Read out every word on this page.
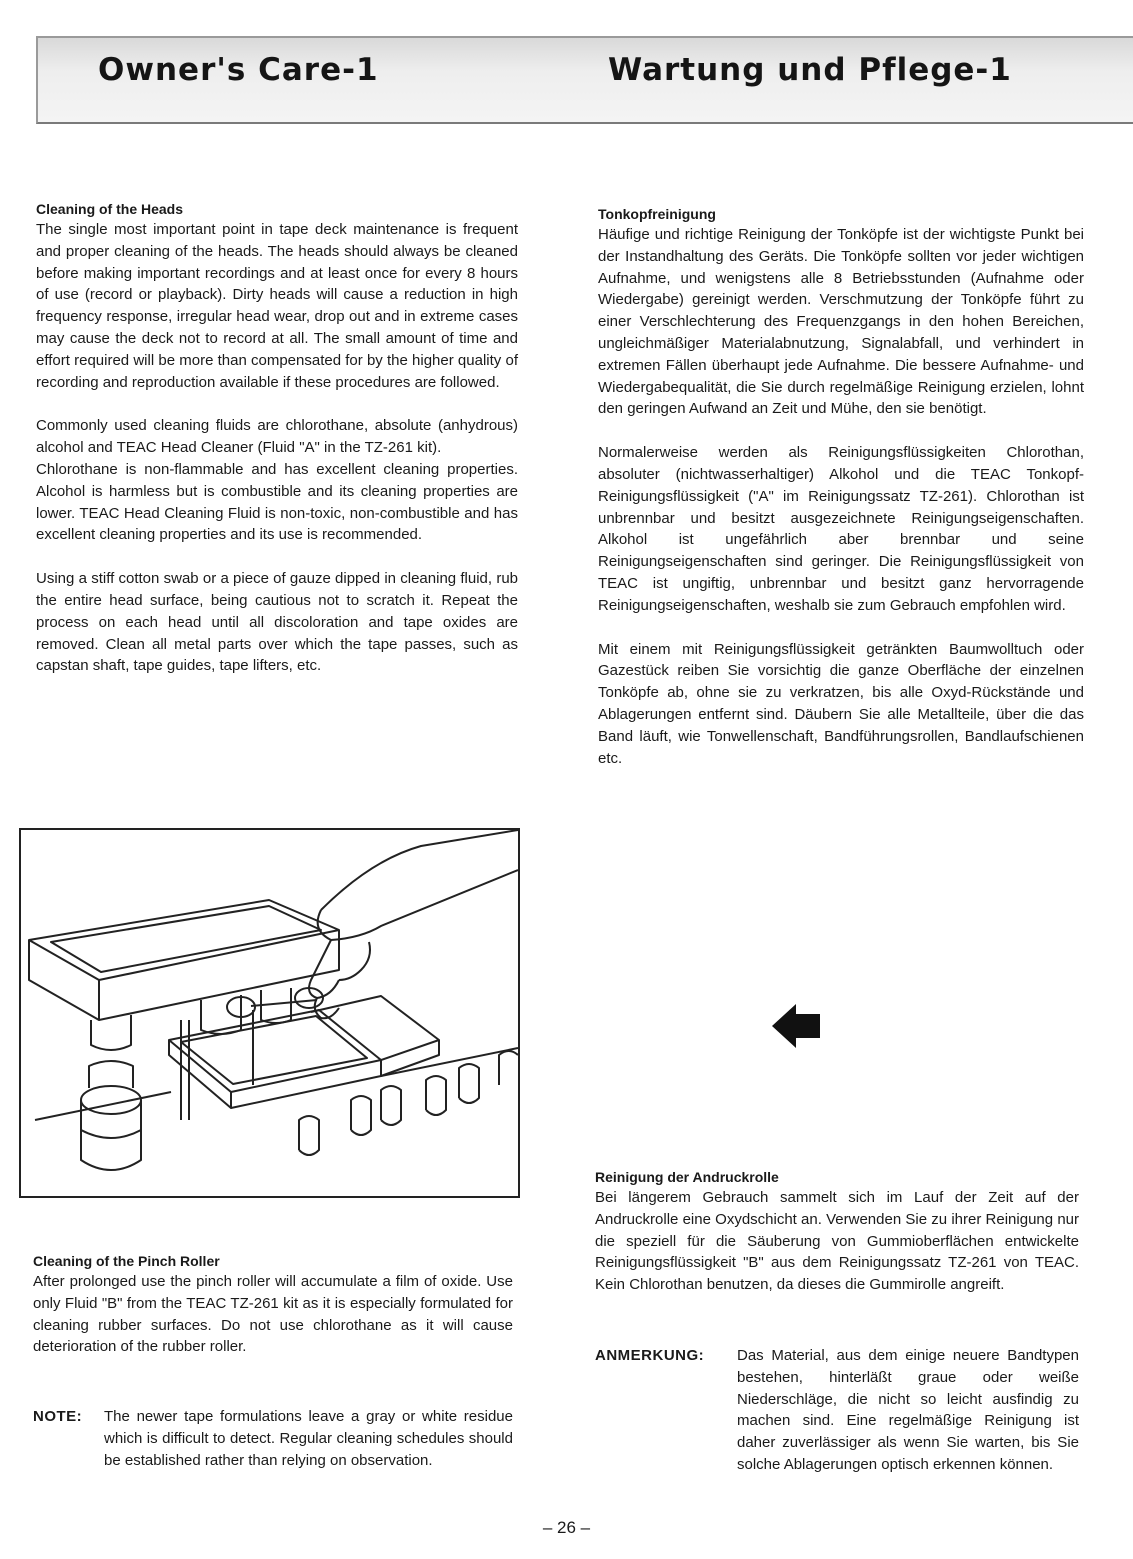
Owner's Care-1	Wartung und Pflege-1
Cleaning of the Heads

The single most important point in tape deck maintenance is frequent and proper cleaning of the heads. The heads should always be cleaned before making important recordings and at least once for every 8 hours of use (record or playback). Dirty heads will cause a reduction in high frequency response, irregular head wear, drop out and in extreme cases may cause the deck not to record at all. The small amount of time and effort required will be more than compensated for by the higher quality of recording and reproduction available if these procedures are followed.

Commonly used cleaning fluids are chlorothane, absolute (anhydrous) alcohol and TEAC Head Cleaner (Fluid "A" in the TZ-261 kit).

Chlorothane is non-flammable and has excellent cleaning properties. Alcohol is harmless but is combustible and its cleaning properties are lower. TEAC Head Cleaning Fluid is non-toxic, non-combustible and has excellent cleaning properties and its use is recommended.

Using a stiff cotton swab or a piece of gauze dipped in cleaning fluid, rub the entire head surface, being cautious not to scratch it. Repeat the process on each head until all discoloration and tape oxides are removed. Clean all metal parts over which the tape passes, such as capstan shaft, tape guides, tape lifters, etc.

Tonkopfreinigung

Häufige und richtige Reinigung der Tonköpfe ist der wichtigste Punkt bei der Instandhaltung des Geräts. Die Tonköpfe sollten vor jeder wichtigen Aufnahme, und wenigstens alle 8 Betriebsstunden (Aufnahme oder Wiedergabe) gereinigt werden. Verschmutzung der Tonköpfe führt zu einer Verschlechterung des Frequenzgangs in den hohen Bereichen, ungleichmäßiger Materialabnutzung, Signalabfall, und verhindert in extremen Fällen überhaupt jede Aufnahme. Die bessere Aufnahme- und Wiedergabequalität, die Sie durch regelmäßige Reinigung erzielen, lohnt den geringen Aufwand an Zeit und Mühe, den sie benötigt.

Normalerweise werden als Reinigungsflüssigkeiten Chlorothan, absoluter (nichtwasserhaltiger) Alkohol und die TEAC Tonkopf-Reinigungsflüssigkeit ("A" im Reinigungssatz TZ-261). Chlorothan ist unbrennbar und besitzt ausgezeichnete Reinigungseigenschaften. Alkohol ist ungefährlich aber brennbar und seine Reinigungseigenschaften sind geringer. Die Reinigungsflüssigkeit von TEAC ist ungiftig, unbrennbar und besitzt ganz hervorragende Reinigungseigenschaften, weshalb sie zum Gebrauch empfohlen wird.

Mit einem mit Reinigungsflüssigkeit getränkten Baumwolltuch oder Gazestück reiben Sie vorsichtig die ganze Oberfläche der einzelnen Tonköpfe ab, ohne sie zu verkratzen, bis alle Oxyd-Rückstände und Ablagerungen entfernt sind. Däubern Sie alle Metallteile, über die das Band läuft, wie Tonwellenschaft, Bandführungsrollen, Bandlaufschienen etc.

Cleaning of the Pinch Roller

After prolonged use the pinch roller will accumulate a film of oxide. Use only Fluid "B" from the TEAC TZ-261 kit as it is especially formulated for cleaning rubber surfaces. Do not use chlorothane as it will cause deterioration of the rubber roller.

NOTE: The newer tape formulations leave a gray or white residue which is difficult to detect. Regular cleaning schedules should be established rather than relying on observation.

Reinigung der Andruckrolle

Bei längerem Gebrauch sammelt sich im Lauf der Zeit auf der Andruckrolle eine Oxydschicht an. Verwenden Sie zu ihrer Reinigung nur die speziell für die Säuberung von Gummioberflächen entwickelte Reinigungsflüssigkeit "B" aus dem Reinigungssatz TZ-261 von TEAC. Kein Chlorothan benutzen, da dieses die Gummirolle angreift.

ANMERKUNG: Das Material, aus dem einige neuere Bandtypen bestehen, hinterläßt graue oder weiße Niederschläge, die nicht so leicht ausfindig zu machen sind. Eine regelmäßige Reinigung ist daher zuverlässiger als wenn Sie warten, bis Sie solche Ablagerungen optisch erkennen können.

– 26 –
